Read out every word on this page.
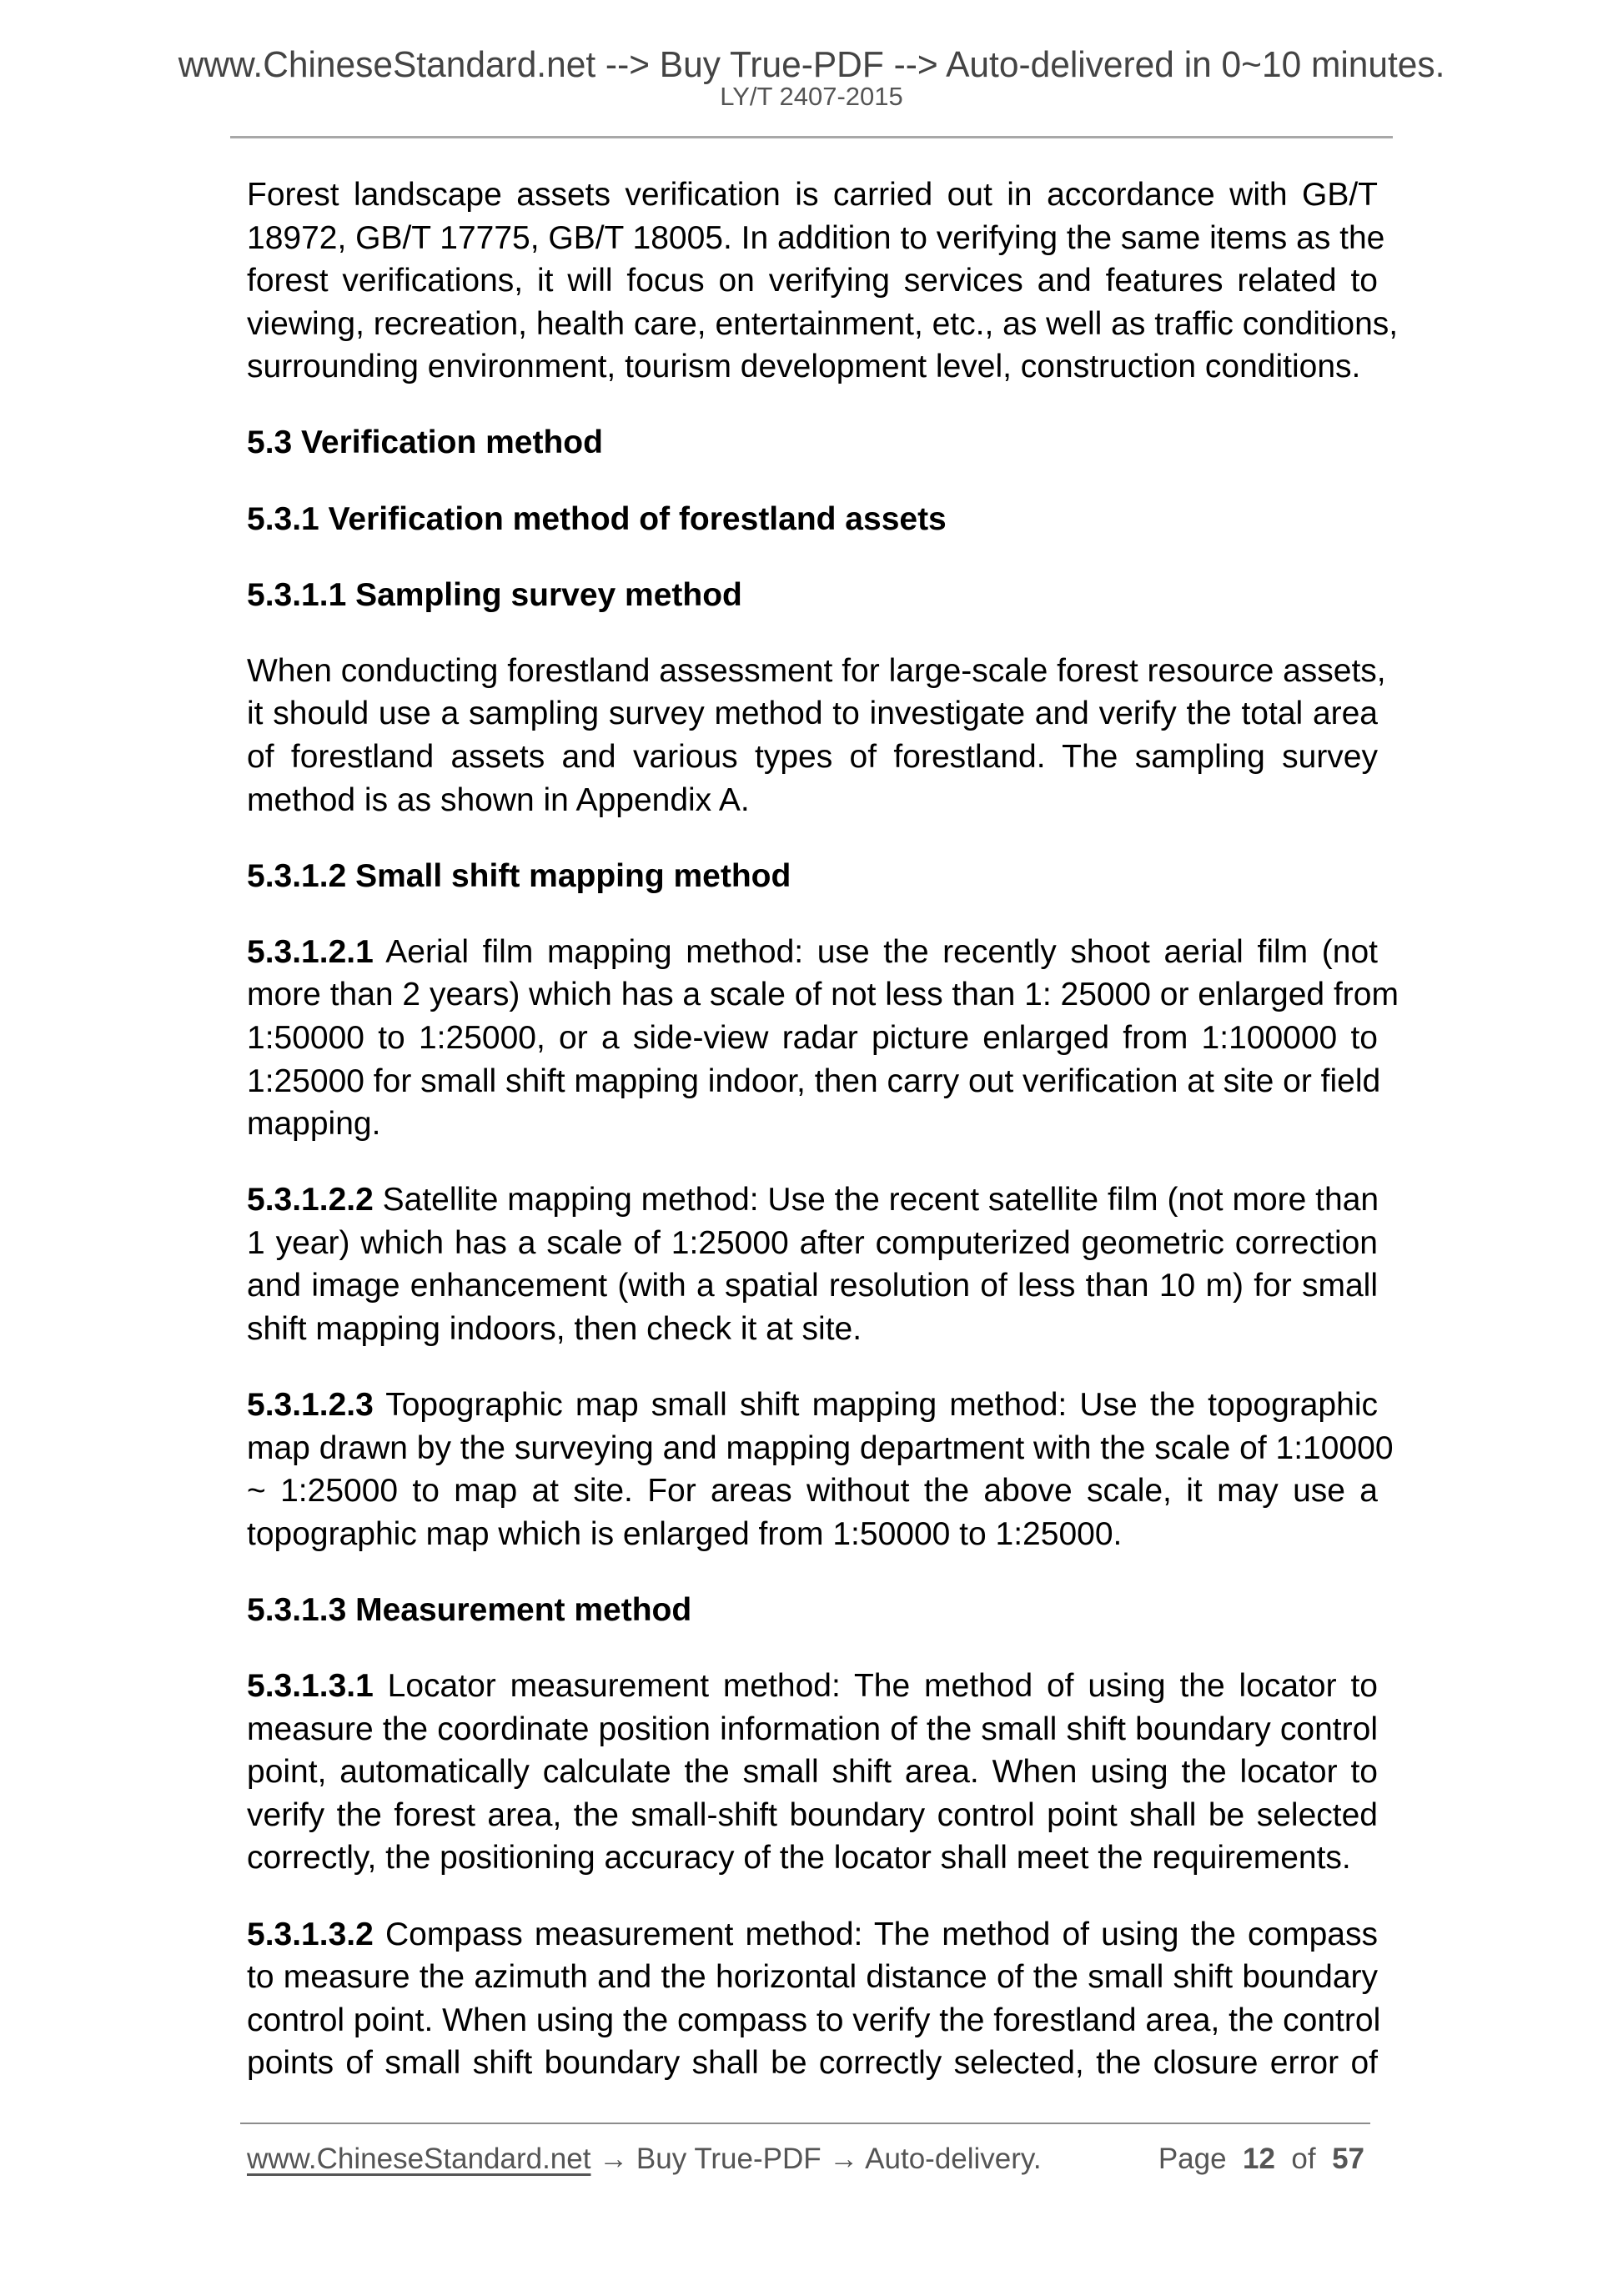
www.ChineseStandard.net --> Buy True-PDF --> Auto-delivered in 0~10 minutes.
LY/T 2407-2015
Forest landscape assets verification is carried out in accordance with GB/T
18972, GB/T 17775, GB/T 18005. In addition to verifying the same items as the
forest verifications, it will focus on verifying services and features related to
viewing, recreation, health care, entertainment, etc., as well as traffic conditions,
surrounding environment, tourism development level, construction conditions.
5.3 Verification method
5.3.1 Verification method of forestland assets
5.3.1.1 Sampling survey method
When conducting forestland assessment for large-scale forest resource assets,
it should use a sampling survey method to investigate and verify the total area
of forestland assets and various types of forestland. The sampling survey
method is as shown in Appendix A.
5.3.1.2 Small shift mapping method
5.3.1.2.1 Aerial film mapping method: use the recently shoot aerial film (not
more than 2 years) which has a scale of not less than 1: 25000 or enlarged from
1:50000 to 1:25000, or a side-view radar picture enlarged from 1:100000 to
1:25000 for small shift mapping indoor, then carry out verification at site or field
mapping.
5.3.1.2.2 Satellite mapping method: Use the recent satellite film (not more than
1 year) which has a scale of 1:25000 after computerized geometric correction
and image enhancement (with a spatial resolution of less than 10 m) for small
shift mapping indoors, then check it at site.
5.3.1.2.3 Topographic map small shift mapping method: Use the topographic
map drawn by the surveying and mapping department with the scale of 1:10000
~ 1:25000 to map at site. For areas without the above scale, it may use a
topographic map which is enlarged from 1:50000 to 1:25000.
5.3.1.3 Measurement method
5.3.1.3.1 Locator measurement method: The method of using the locator to
measure the coordinate position information of the small shift boundary control
point, automatically calculate the small shift area. When using the locator to
verify the forest area, the small-shift boundary control point shall be selected
correctly, the positioning accuracy of the locator shall meet the requirements.
5.3.1.3.2 Compass measurement method: The method of using the compass
to measure the azimuth and the horizontal distance of the small shift boundary
control point. When using the compass to verify the forestland area, the control
points of small shift boundary shall be correctly selected, the closure error of
www.ChineseStandard.net → Buy True-PDF → Auto-delivery.	Page 12 of 57
